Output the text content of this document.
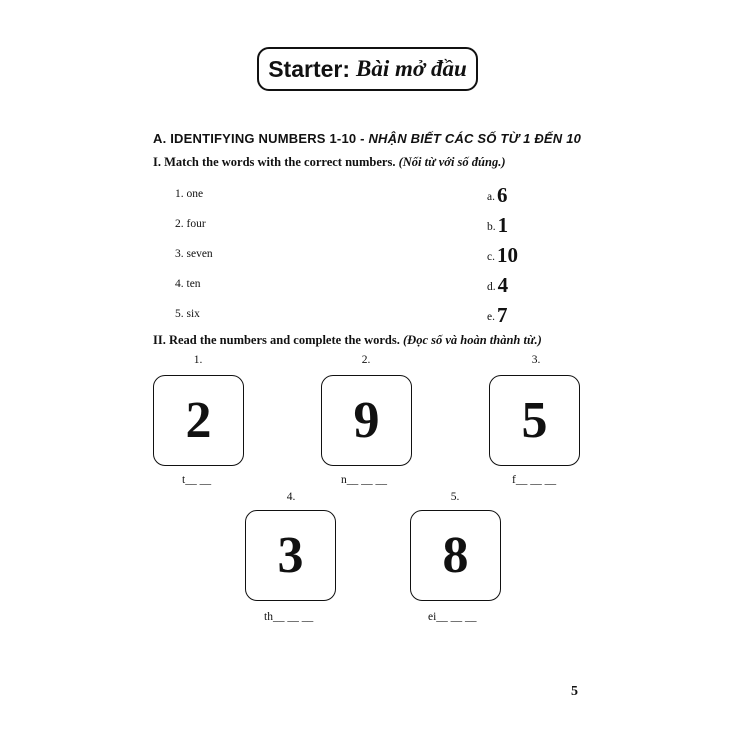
Starter: Bài mở đầu
A. IDENTIFYING NUMBERS 1-10 - NHẬN BIẾT CÁC SỐ TỪ 1 ĐẾN 10
I. Match the words with the correct numbers. (Nối từ với số đúng.)
1. one
2. four
3. seven
4. ten
5. six
a.6
b.1
c.10
d.4
e.7
II. Read the numbers and complete the words. (Đọc số và hoàn thành từ.)
1.
2
t__ __
2.
9
n__ __ __
3.
5
f__ __ __
4.
3
th__ __ __
5.
8
ei__ __ __
5
